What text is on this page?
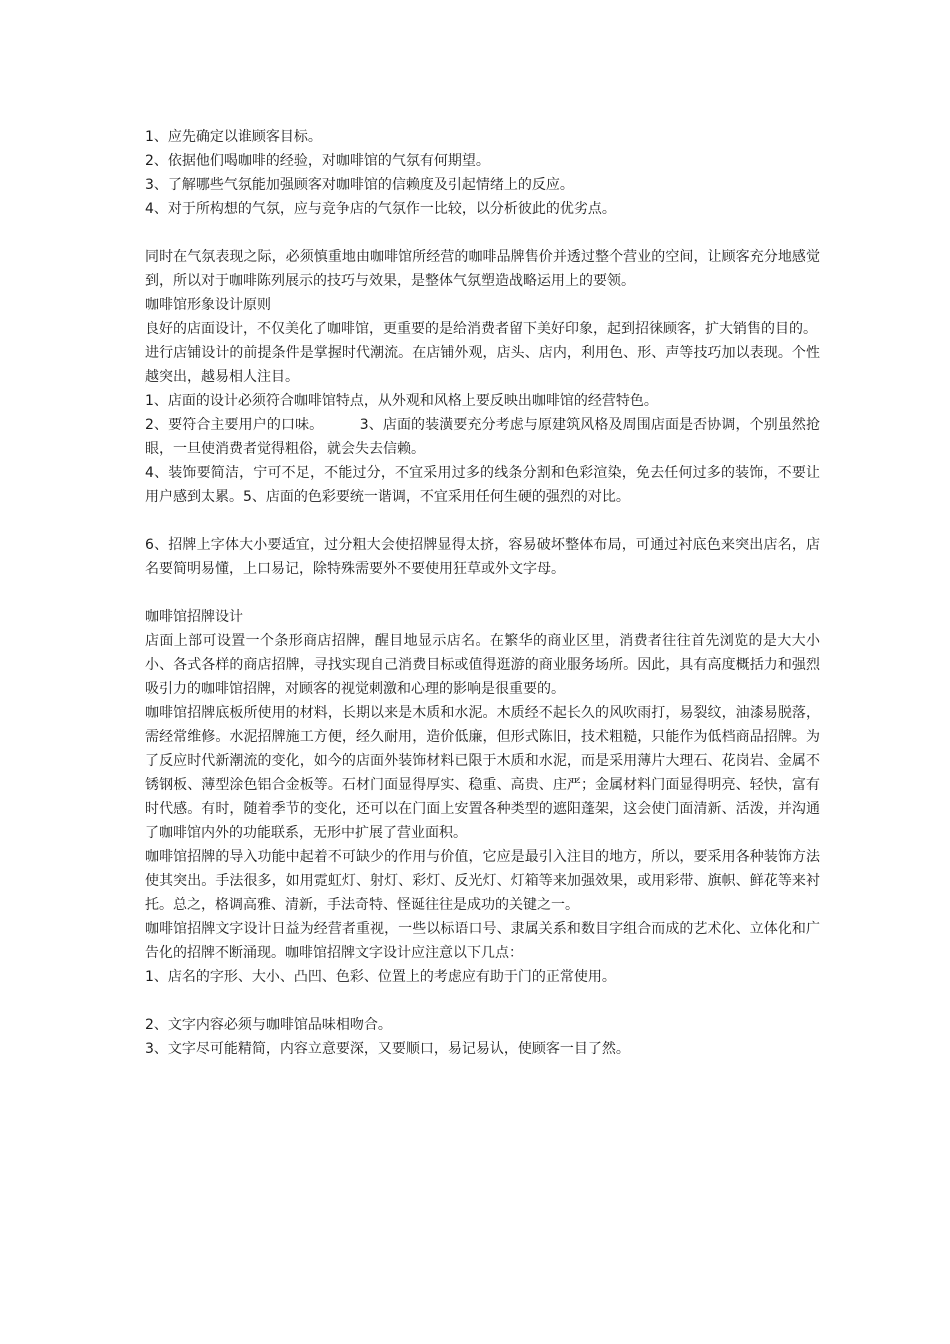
1、应先确定以谁顾客目标。

2、依据他们喝咖啡的经验，对咖啡馆的气氛有何期望。

3、了解哪些气氛能加强顾客对咖啡馆的信赖度及引起情绪上的反应。

4、对于所构想的气氛，应与竞争店的气氛作一比较，以分析彼此的优劣点。

同时在气氛表现之际，必须慎重地由咖啡馆所经营的咖啡品牌售价并透过整个营业的空间，让顾客充分地感觉到，所以对于咖啡陈列展示的技巧与效果，是整体气氛塑造战略运用上的要领。

咖啡馆形象设计原则

良好的店面设计，不仅美化了咖啡馆，更重要的是给消费者留下美好印象，起到招徕顾客，扩大销售的目的。

进行店铺设计的前提条件是掌握时代潮流。在店铺外观，店头、店内，利用色、形、声等技巧加以表现。个性越突出，越易相人注目。

1、店面的设计必须符合咖啡馆特点，从外观和风格上要反映出咖啡馆的经营特色。

2、要符合主要用户的口味。        3、店面的装潢要充分考虑与原建筑风格及周围店面是否协调，个别虽然抢眼，一旦使消费者觉得粗俗，就会失去信赖。

4、装饰要简洁，宁可不足，不能过分，不宜采用过多的线条分割和色彩渲染，免去任何过多的装饰，不要让用户感到太累。5、店面的色彩要统一谐调，不宜采用任何生硬的强烈的对比。

6、招牌上字体大小要适宜，过分粗大会使招牌显得太挤，容易破坏整体布局，可通过衬底色来突出店名，店名要简明易懂，上口易记，除特殊需要外不要使用狂草或外文字母。

咖啡馆招牌设计

店面上部可设置一个条形商店招牌，醒目地显示店名。在繁华的商业区里，消费者往往首先浏览的是大大小小、各式各样的商店招牌，寻找实现自己消费目标或值得逛游的商业服务场所。因此，具有高度概括力和强烈吸引力的咖啡馆招牌，对顾客的视觉刺激和心理的影响是很重要的。

咖啡馆招牌底板所使用的材料，长期以来是木质和水泥。木质经不起长久的风吹雨打，易裂纹，油漆易脱落，需经常维修。水泥招牌施工方便，经久耐用，造价低廉，但形式陈旧，技术粗糙，只能作为低档商品招牌。为了反应时代新潮流的变化，如今的店面外装饰材料已限于木质和水泥，而是采用薄片大理石、花岗岩、金属不锈钢板、薄型涂色铝合金板等。石材门面显得厚实、稳重、高贵、庄严；金属材料门面显得明亮、轻快，富有时代感。有时，随着季节的变化，还可以在门面上安置各种类型的遮阳蓬架，这会使门面清新、活泼，并沟通了咖啡馆内外的功能联系，无形中扩展了营业面积。

咖啡馆招牌的导入功能中起着不可缺少的作用与价值，它应是最引入注目的地方，所以，要采用各种装饰方法使其突出。手法很多，如用霓虹灯、射灯、彩灯、反光灯、灯箱等来加强效果，或用彩带、旗帜、鲜花等来衬托。总之，格调高雅、清新，手法奇特、怪诞往往是成功的关键之一。

咖啡馆招牌文字设计日益为经营者重视，一些以标语口号、隶属关系和数目字组合而成的艺术化、立体化和广告化的招牌不断涌现。咖啡馆招牌文字设计应注意以下几点：

1、店名的字形、大小、凸凹、色彩、位置上的考虑应有助于门的正常使用。

2、文字内容必须与咖啡馆品味相吻合。

3、文字尽可能精简，内容立意要深，又要顺口，易记易认，使顾客一目了然。
